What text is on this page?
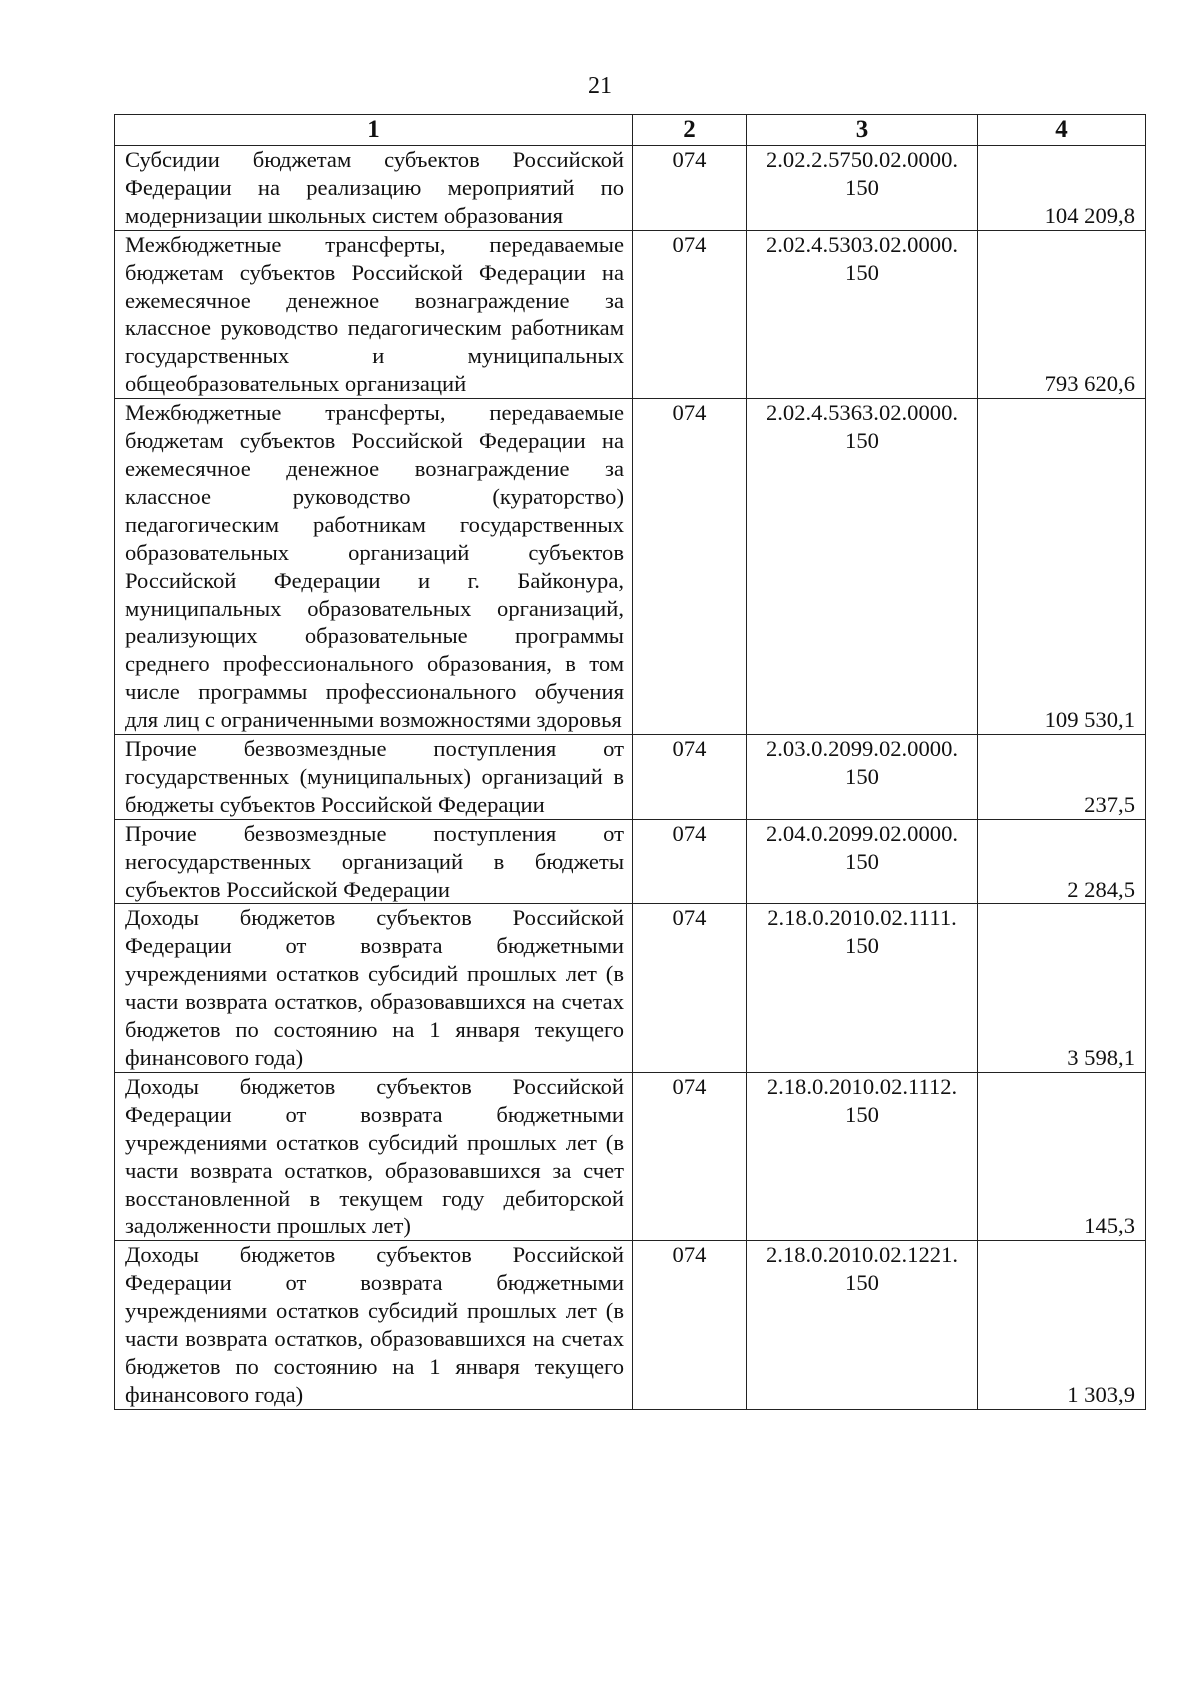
21
1	2	3	4
Субсидии бюджетам субъектов Российской Федерации на реализацию мероприятий по модернизации школьных систем образования	074	2.02.2.5750.02.0000. 150	104 209,8
Межбюджетные трансферты, передаваемые бюджетам субъектов Российской Федерации на ежемесячное денежное вознаграждение за классное руководство педагогическим работникам государственных и муниципальных общеобразовательных организаций	074	2.02.4.5303.02.0000. 150	793 620,6
Межбюджетные трансферты, передаваемые бюджетам субъектов Российской Федерации на ежемесячное денежное вознаграждение за классное руководство (кураторство) педагогическим работникам государственных образовательных организаций субъектов Российской Федерации и г. Байконура, муниципальных образовательных организаций, реализующих образовательные программы среднего профессионального образования, в том числе программы профессионального обучения для лиц с ограниченными возможностями здоровья	074	2.02.4.5363.02.0000. 150	109 530,1
Прочие безвозмездные поступления от государственных (муниципальных) организаций в бюджеты субъектов Российской Федерации	074	2.03.0.2099.02.0000. 150	237,5
Прочие безвозмездные поступления от негосударственных организаций в бюджеты субъектов Российской Федерации	074	2.04.0.2099.02.0000. 150	2 284,5
Доходы бюджетов субъектов Российской Федерации от возврата бюджетными учреждениями остатков субсидий прошлых лет (в части возврата остатков, образовавшихся на счетах бюджетов по состоянию на 1 января текущего финансового года)	074	2.18.0.2010.02.1111. 150	3 598,1
Доходы бюджетов субъектов Российской Федерации от возврата бюджетными учреждениями остатков субсидий прошлых лет (в части возврата остатков, образовавшихся за счет восстановленной в текущем году дебиторской задолженности прошлых лет)	074	2.18.0.2010.02.1112. 150	145,3
Доходы бюджетов субъектов Российской Федерации от возврата бюджетными учреждениями остатков субсидий прошлых лет (в части возврата остатков, образовавшихся на счетах бюджетов по состоянию на 1 января текущего финансового года)	074	2.18.0.2010.02.1221. 150	1 303,9
